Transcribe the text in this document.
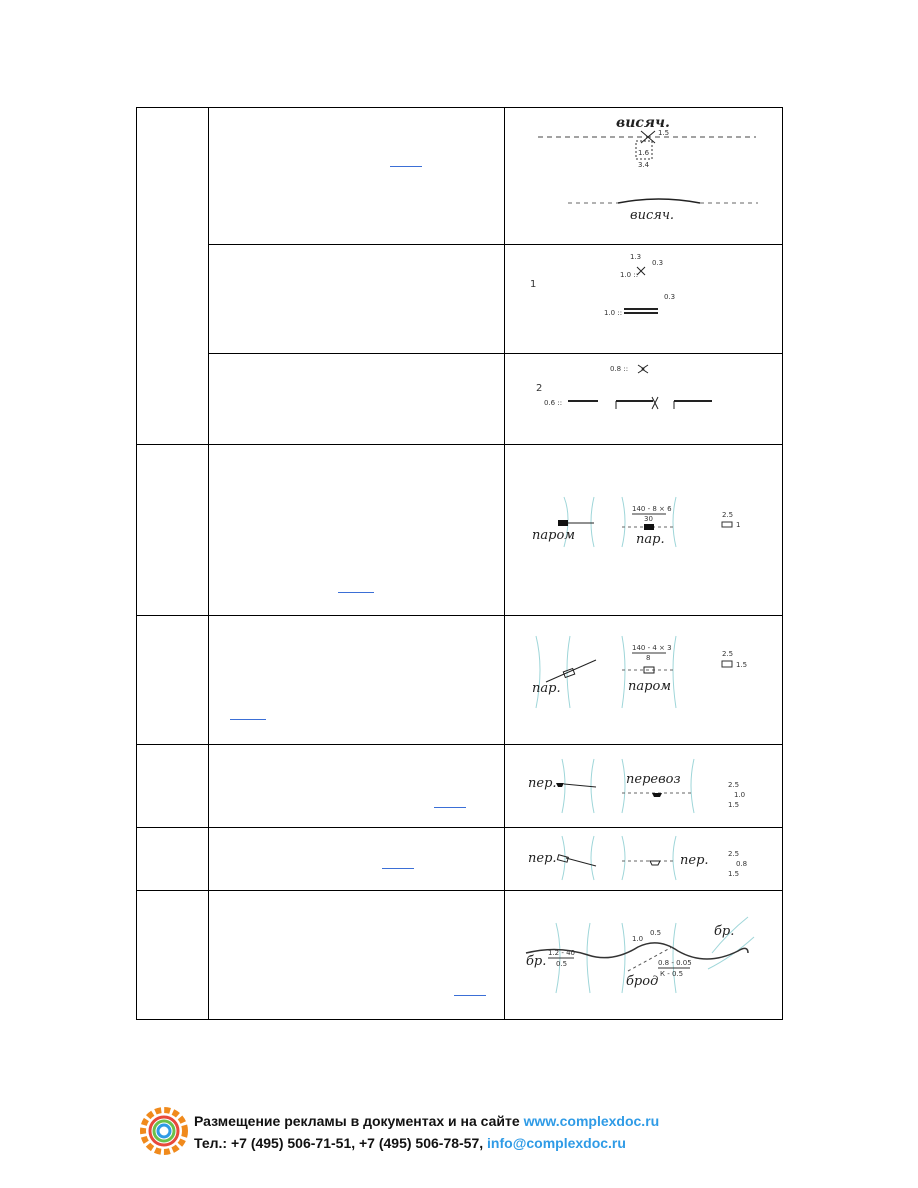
висяч.
1.5
1.6
3.4
висяч.
1
1.3
0.3
1.0 ::
1.0 ::
0.3
0.8 ::
2
0.6 ::
паром
140 - 8 × 6
30
пар.
2.5
1
пар.
140 - 4 × 3
8
паром
2.5
1.5
пер.	перевоз	2.5
1.0
1.5
пер.	пер.	2.5
0.8
1.5
бр.
1.2 - 40
0.5
1.0
0.5
брод
0.8 - 0.05
К - 0.5
бр.
Размещение рекламы в документах и на сайте www.complexdoc.ru
Тел.: +7 (495) 506-71-51, +7 (495) 506-78-57, info@complexdoc.ru
